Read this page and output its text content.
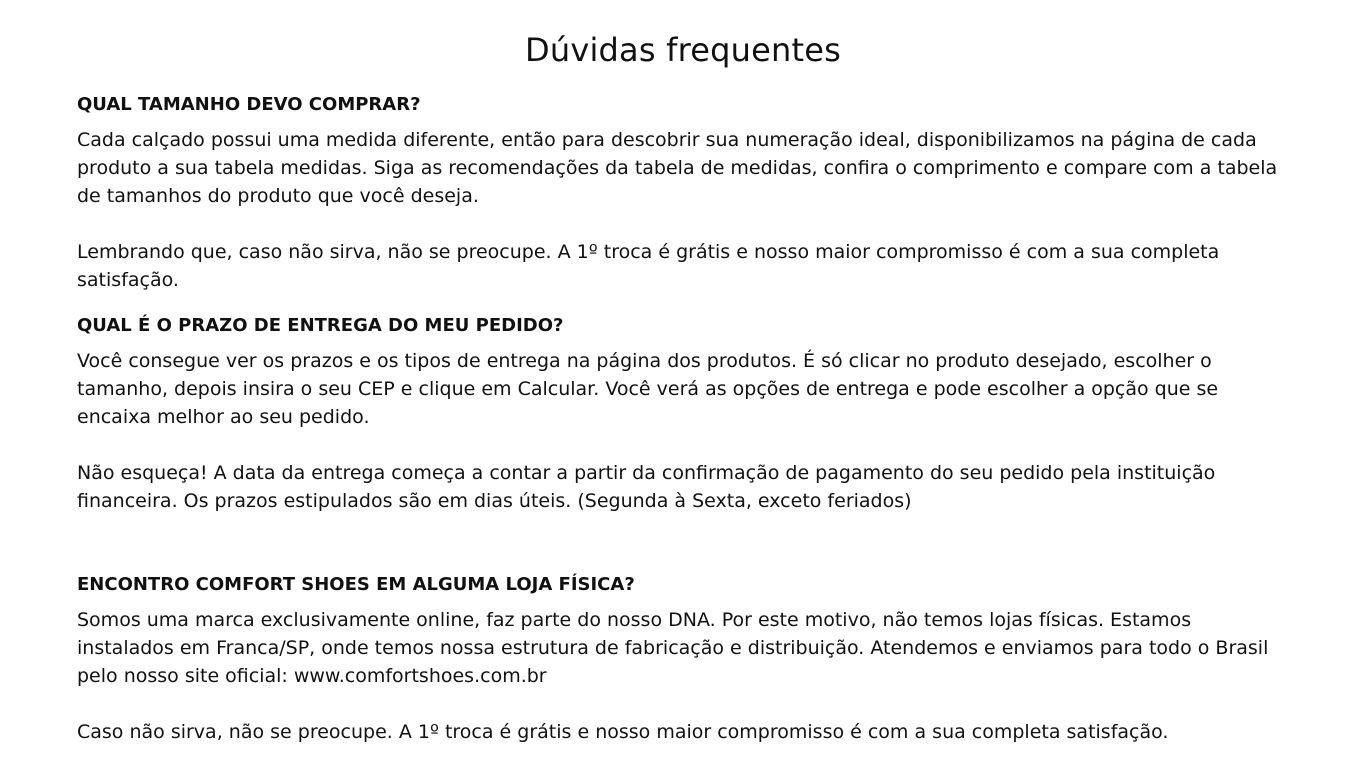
Dúvidas frequentes
QUAL TAMANHO DEVO COMPRAR?

Cada calçado possui uma medida diferente, então para descobrir sua numeração ideal, disponibilizamos na página de cada produto a sua tabela medidas. Siga as recomendações da tabela de medidas, confira o comprimento e compare com a tabela de tamanhos do produto que você deseja.

Lembrando que, caso não sirva, não se preocupe. A 1º troca é grátis e nosso maior compromisso é com a sua completa satisfação.

QUAL É O PRAZO DE ENTREGA DO MEU PEDIDO?

Você consegue ver os prazos e os tipos de entrega na página dos produtos. É só clicar no produto desejado, escolher o tamanho, depois insira o seu CEP e clique em Calcular. Você verá as opções de entrega e pode escolher a opção que se encaixa melhor ao seu pedido.

Não esqueça! A data da entrega começa a contar a partir da confirmação de pagamento do seu pedido pela instituição financeira. Os prazos estipulados são em dias úteis. (Segunda à Sexta, exceto feriados)

ENCONTRO COMFORT SHOES EM ALGUMA LOJA FÍSICA?

Somos uma marca exclusivamente online, faz parte do nosso DNA. Por este motivo, não temos lojas físicas. Estamos instalados em Franca/SP, onde temos nossa estrutura de fabricação e distribuição. Atendemos e enviamos para todo o Brasil pelo nosso site oficial: www.comfortshoes.com.br

Caso não sirva, não se preocupe. A 1º troca é grátis e nosso maior compromisso é com a sua completa satisfação.
